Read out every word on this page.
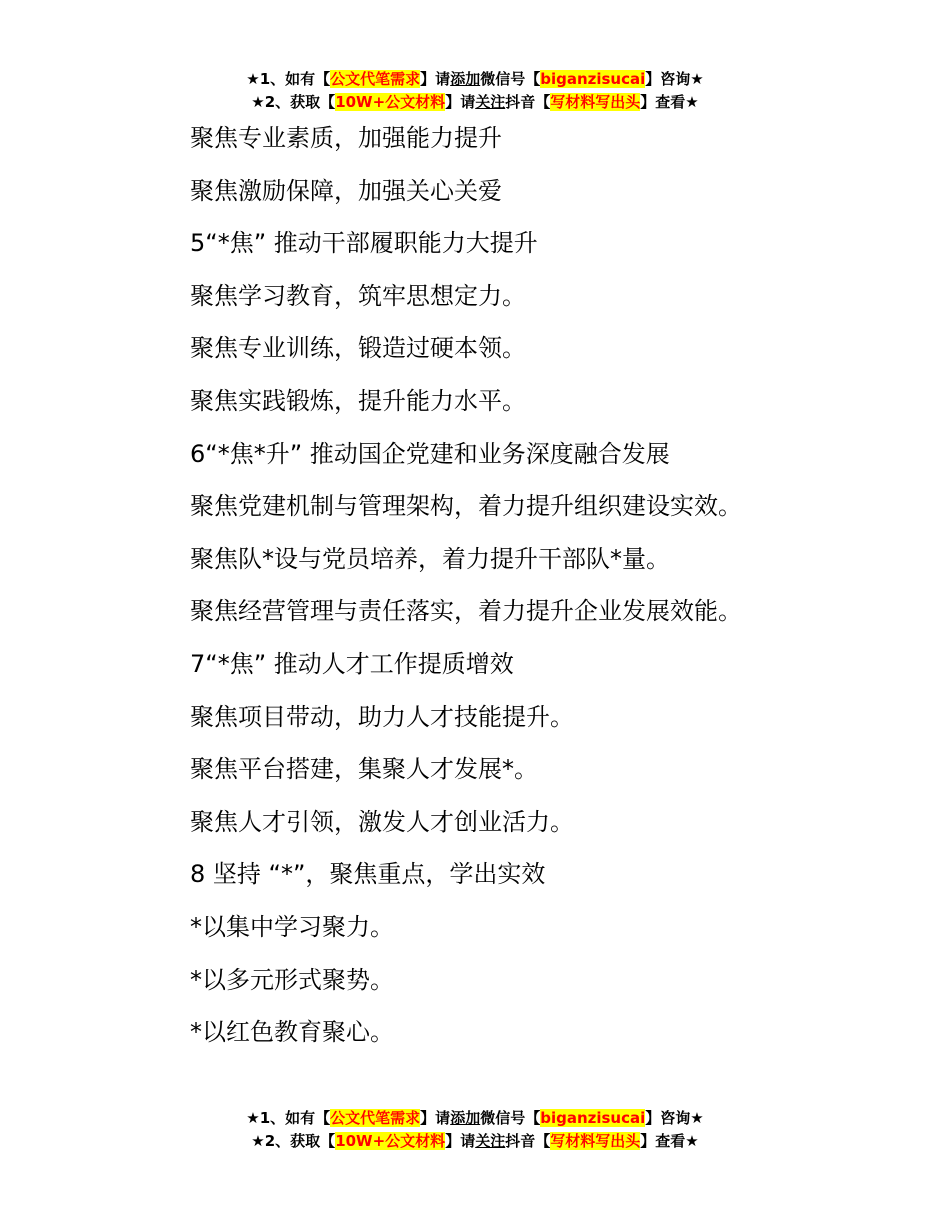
★1、如有【公文代笔需求】请添加微信号【biganzisucai】咨询★
★2、获取【10W+公文材料】请关注抖音【写材料写出头】查看★
聚焦专业素质，加强能力提升
聚焦激励保障，加强关心关爱
5“*焦” 推动干部履职能力大提升
聚焦学习教育，筑牢思想定力。
聚焦专业训练，锻造过硬本领。
聚焦实践锻炼，提升能力水平。
6“*焦*升” 推动国企党建和业务深度融合发展
聚焦党建机制与管理架构，着力提升组织建设实效。
聚焦队*设与党员培养，着力提升干部队*量。
聚焦经营管理与责任落实，着力提升企业发展效能。
7“*焦” 推动人才工作提质增效
聚焦项目带动，助力人才技能提升。
聚焦平台搭建，集聚人才发展*。
聚焦人才引领，激发人才创业活力。
8 坚持 “*”，聚焦重点，学出实效
*以集中学习聚力。
*以多元形式聚势。
*以红色教育聚心。
★1、如有【公文代笔需求】请添加微信号【biganzisucai】咨询★
★2、获取【10W+公文材料】请关注抖音【写材料写出头】查看★
